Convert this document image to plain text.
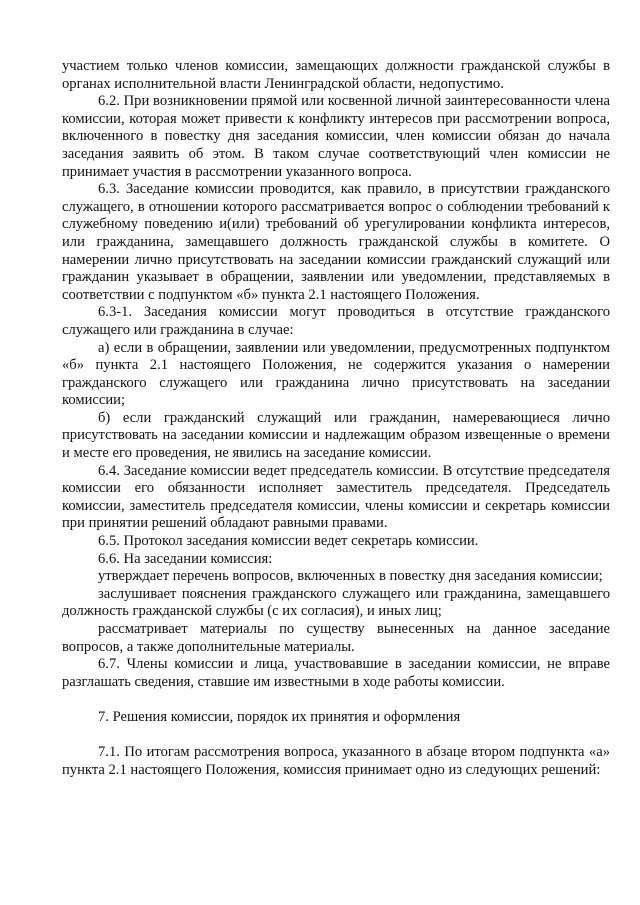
участием только членов комиссии, замещающих должности гражданской службы в органах исполнительной власти Ленинградской области, недопустимо.

6.2. При возникновении прямой или косвенной личной заинтересованности члена комиссии, которая может привести к конфликту интересов при рассмотрении вопроса, включенного в повестку дня заседания комиссии, член комиссии обязан до начала заседания заявить об этом. В таком случае соответствующий член комиссии не принимает участия в рассмотрении указанного вопроса.

6.3. Заседание комиссии проводится, как правило, в присутствии гражданского служащего, в отношении которого рассматривается вопрос о соблюдении требований к служебному поведению и(или) требований об урегулировании конфликта интересов, или гражданина, замещавшего должность гражданской службы в комитете. О намерении лично присутствовать на заседании комиссии гражданский служащий или гражданин указывает в обращении, заявлении или уведомлении, представляемых в соответствии с подпунктом «б» пункта 2.1 настоящего Положения.

6.3-1. Заседания комиссии могут проводиться в отсутствие гражданского служащего или гражданина в случае:

а) если в обращении, заявлении или уведомлении, предусмотренных подпунктом «б» пункта 2.1 настоящего Положения, не содержится указания о намерении гражданского служащего или гражданина лично присутствовать на заседании комиссии;

б) если гражданский служащий или гражданин, намеревающиеся лично присутствовать на заседании комиссии и надлежащим образом извещенные о времени и месте его проведения, не явились на заседание комиссии.

6.4. Заседание комиссии ведет председатель комиссии. В отсутствие председателя комиссии его обязанности исполняет заместитель председателя. Председатель комиссии, заместитель председателя комиссии, члены комиссии и секретарь комиссии при принятии решений обладают равными правами.

6.5. Протокол заседания комиссии ведет секретарь комиссии.

6.6. На заседании комиссия:

утверждает перечень вопросов, включенных в повестку дня заседания комиссии;

заслушивает пояснения гражданского служащего или гражданина, замещавшего должность гражданской службы (с их согласия), и иных лиц;

рассматривает материалы по существу вынесенных на данное заседание вопросов, а также дополнительные материалы.

6.7. Члены комиссии и лица, участвовавшие в заседании комиссии, не вправе разглашать сведения, ставшие им известными в ходе работы комиссии.

7. Решения комиссии, порядок их принятия и оформления

7.1. По итогам рассмотрения вопроса, указанного в абзаце втором подпункта «а» пункта 2.1 настоящего Положения, комиссия принимает одно из следующих решений:
